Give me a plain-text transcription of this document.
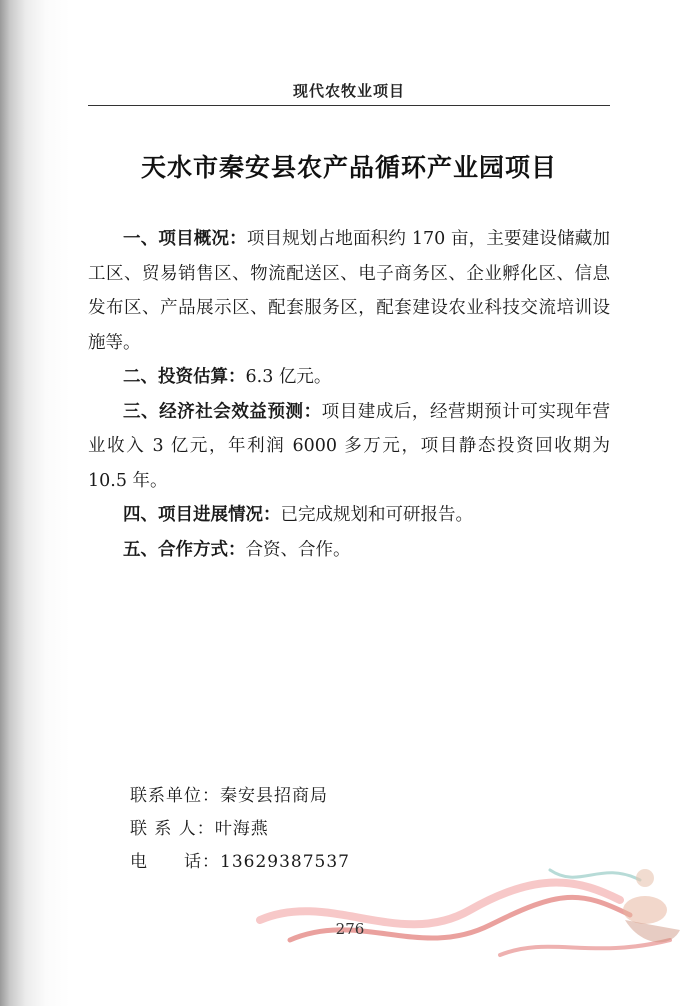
现代农牧业项目
天水市秦安县农产品循环产业园项目

一、项目概况：项目规划占地面积约 170 亩，主要建设储藏加工区、贸易销售区、物流配送区、电子商务区、企业孵化区、信息发布区、产品展示区、配套服务区，配套建设农业科技交流培训设施等。

二、投资估算：6.3 亿元。

三、经济社会效益预测：项目建成后，经营期预计可实现年营业收入 3 亿元，年利润 6000 多万元，项目静态投资回收期为 10.5 年。

四、项目进展情况：已完成规划和可研报告。

五、合作方式：合资、合作。

联系单位：秦安县招商局
联 系 人：叶海燕
电　　话：13629387537
276
